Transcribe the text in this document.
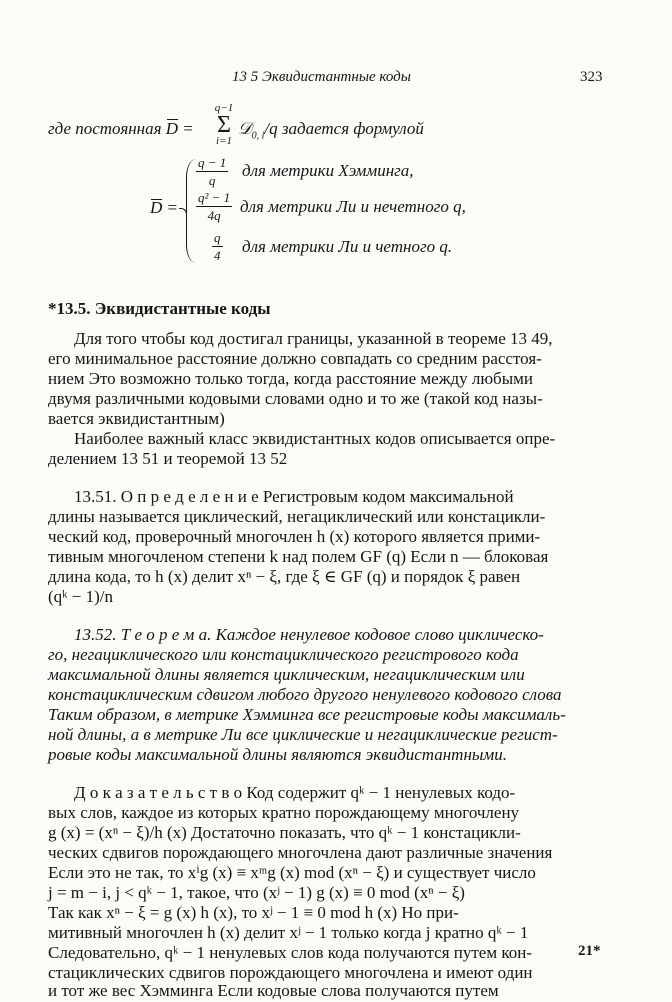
13 5 Эквидистантные коды	323
где постоянная D =
q−1
Σ
i=1
𝒟$_{0, i}$/q задается формулой
D =
$\frac{q - 1}{q}$ для метрики Хэмминга,
$\frac{\text{q² − 1}}{4q}$ для метрики Ли и нечетного q,
$\frac{q}{4}$ для метрики Ли и четного q.
*13.5. Эквидистантные коды
Для того чтобы код достигал границы, указанной в теореме 13 49,
его минимальное расстояние должно совпадать со средним расстоя-
нием Это возможно только тогда, когда расстояние между любыми
двумя различными кодовыми словами одно и то же (такой код назы-
вается эквидистантным)
Наиболее важный класс эквидистантных кодов описывается опре-
делением 13 51 и теоремой 13 52
13.51. О п р е д е л е н и е Регистровым кодом максимальной
длины называется циклический, негациклический или констацикли-
ческий код, проверочный многочлен h (x) которого является прими-
тивным многочленом степени k над полем GF (q) Если n — блоковая
длина кода, то h (x) делит xⁿ − ξ, где ξ ∈ GF (q) и порядок ξ равен
(qᵏ − 1)/n
13.52. Т е о р е м а. Каждое ненулевое кодовое слово циклическо-
го, негациклического или констациклического регистрового кода
максимальной длины является циклическим, негациклическим или
констациклическим сдвигом любого другого ненулевого кодового слова
Таким образом, в метрике Хэмминга все регистровые коды максималь-
ной длины, а в метрике Ли все циклические и негациклические регист-
ровые коды максимальной длины являются эквидистантными.
Д о к а з а т е л ь с т в о Код содержит qᵏ − 1 ненулевых кодо-
вых слов, каждое из которых кратно порождающему многочлену
g (x) = (xⁿ − ξ)/h (x) Достаточно показать, что qᵏ − 1 констацикли-
ческих сдвигов порождающего многочлена дают различные значения
Если это не так, то xⁱg (x) ≡ xᵐg (x) mod (xⁿ − ξ) и существует число
j = m − i, j < qᵏ − 1, такое, что (xʲ − 1) g (x) ≡ 0 mod (xⁿ − ξ)
Так как xⁿ − ξ = g (x) h (x), то xʲ − 1 ≡ 0 mod h (x) Но при-
митивный многочлен h (x) делит xʲ − 1 только когда j кратно qᵏ − 1
Следовательно, qᵏ − 1 ненулевых слов кода получаются путем кон-
стациклических сдвигов порождающего многочлена и имеют один
и тот же вес Хэмминга Если кодовые слова получаются путем
21*
